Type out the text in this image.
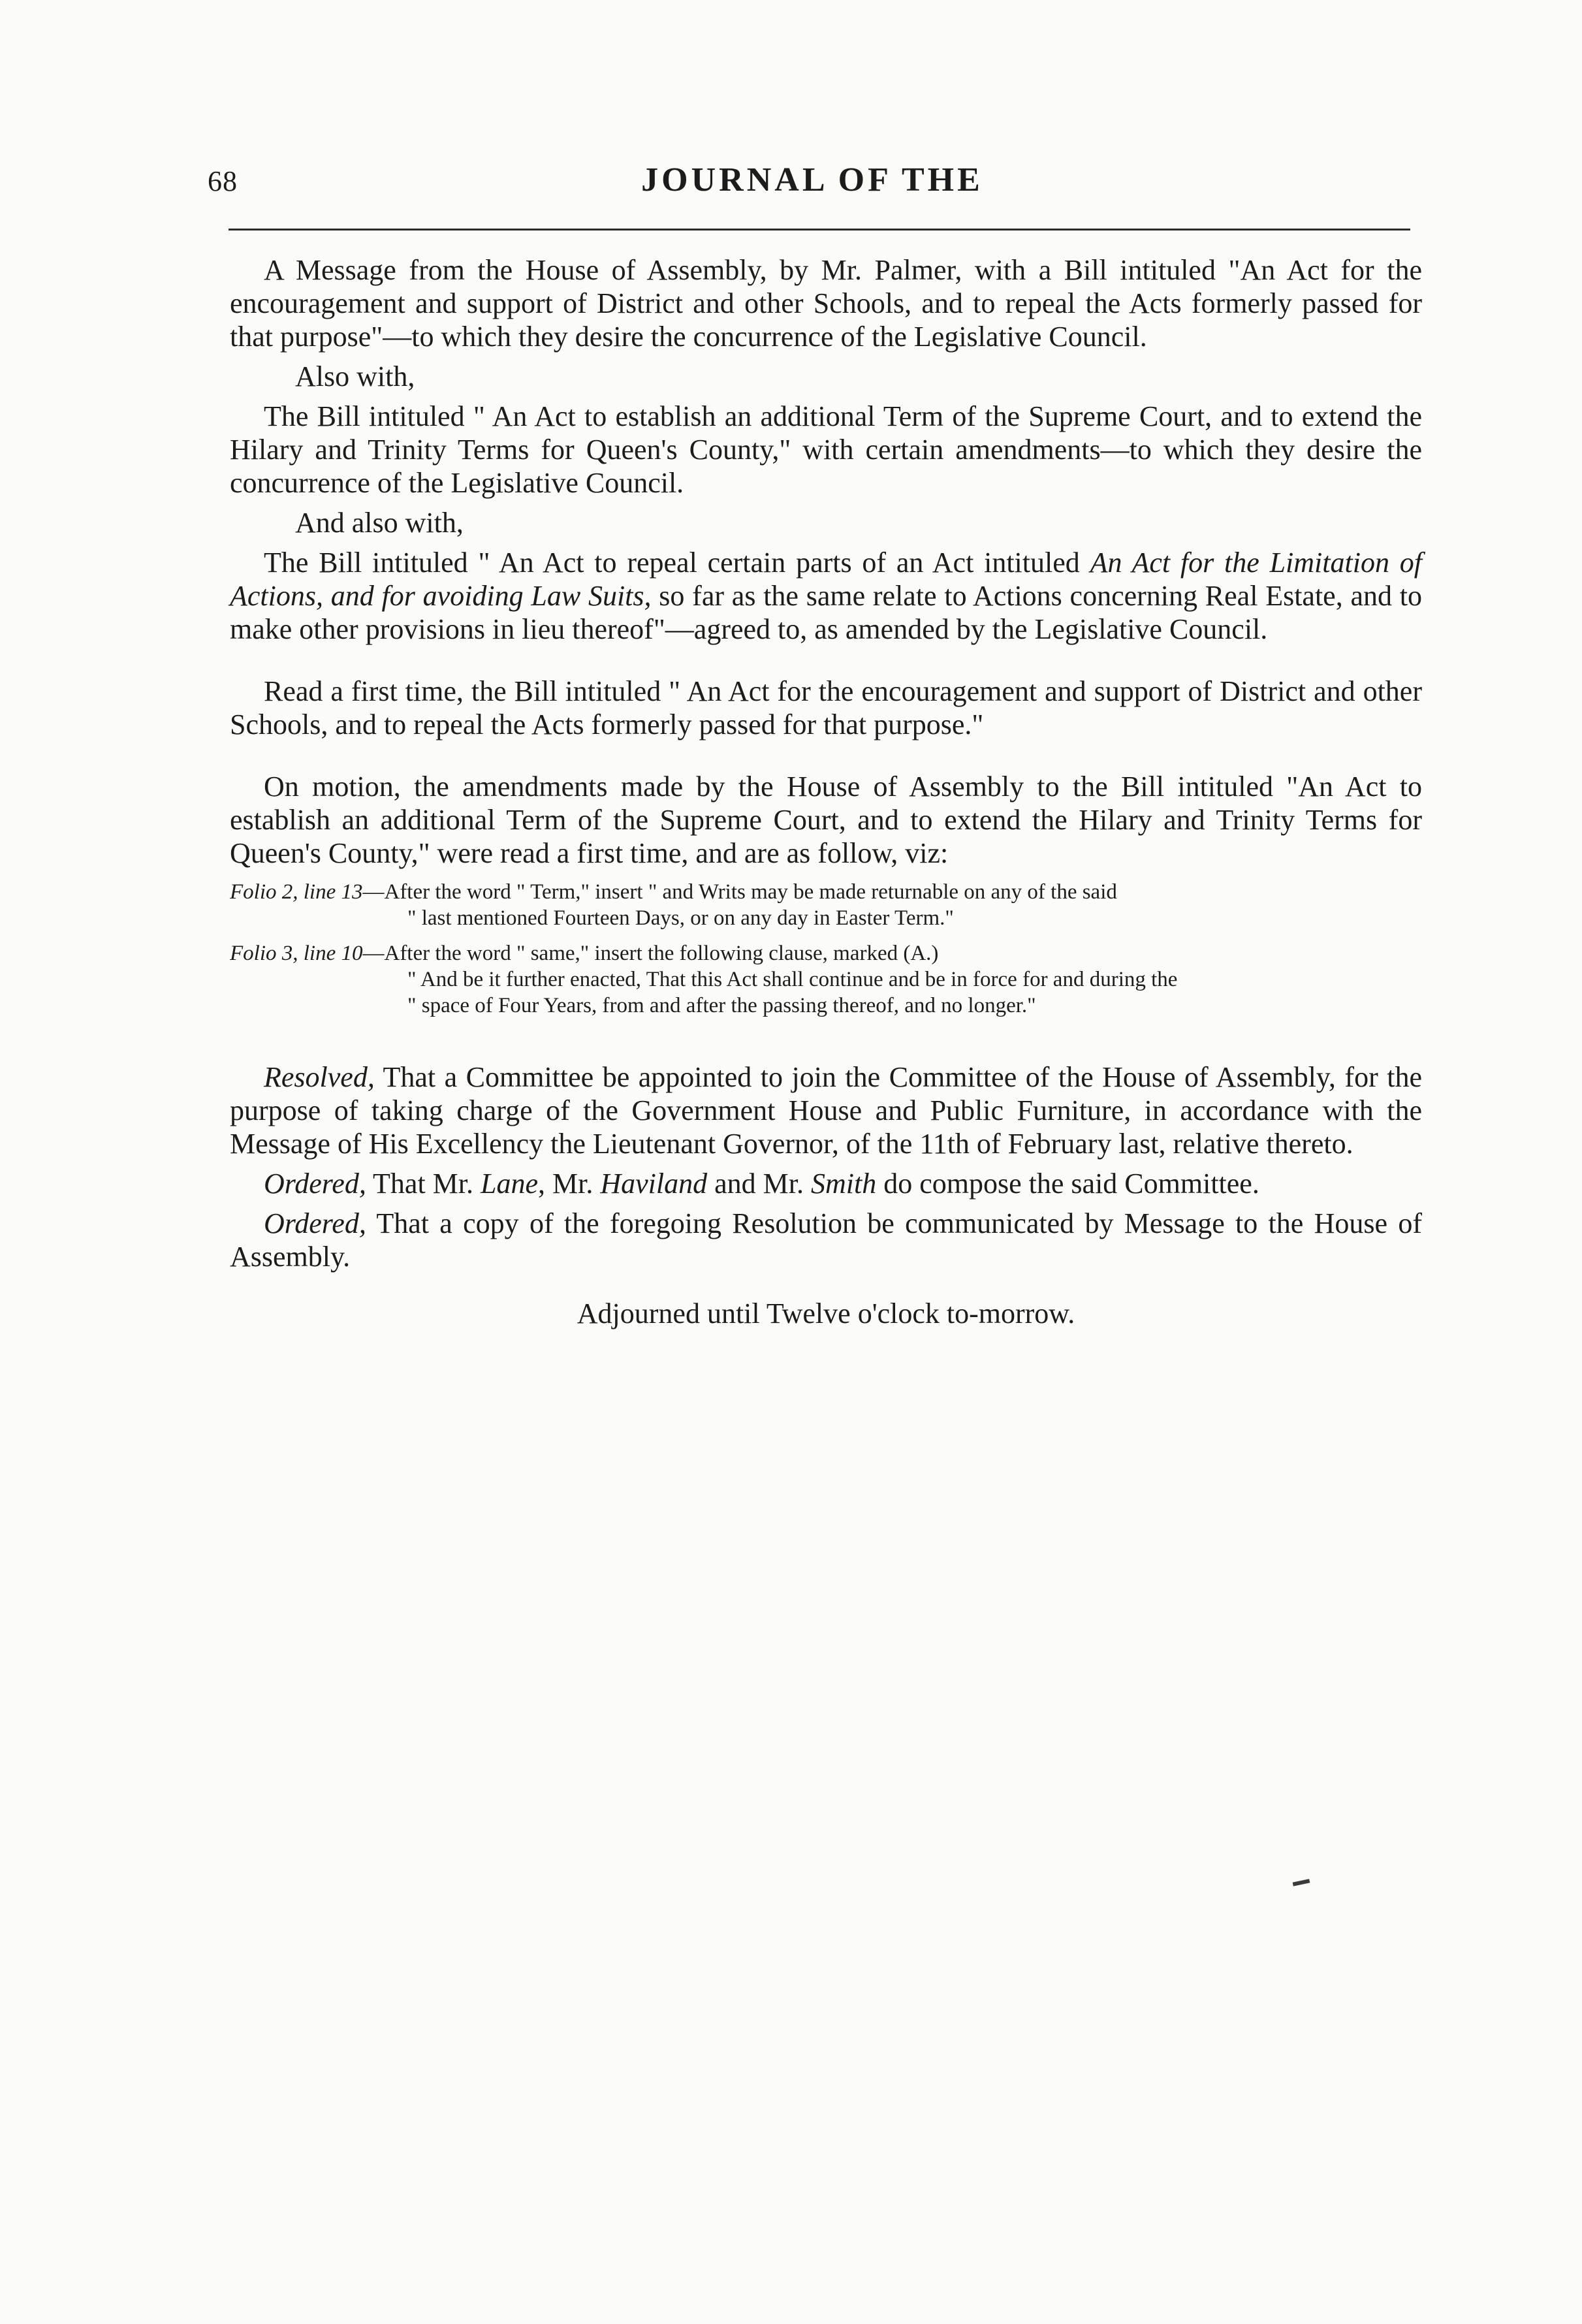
68	JOURNAL OF THE

A Message from the House of Assembly, by Mr. Palmer, with a Bill intituled "An Act for the encouragement and support of District and other Schools, and to repeal the Acts formerly passed for that purpose"—to which they desire the concurrence of the Legislative Council.

Also with,

The Bill intituled " An Act to establish an additional Term of the Supreme Court, and to extend the Hilary and Trinity Terms for Queen's County," with certain amendments—to which they desire the concurrence of the Legislative Council.

And also with,

The Bill intituled " An Act to repeal certain parts of an Act intituled An Act for the Limitation of Actions, and for avoiding Law Suits, so far as the same relate to Actions concerning Real Estate, and to make other provisions in lieu thereof"—agreed to, as amended by the Legislative Council.

Read a first time, the Bill intituled " An Act for the encouragement and support of District and other Schools, and to repeal the Acts formerly passed for that purpose."

On motion, the amendments made by the House of Assembly to the Bill intituled "An Act to establish an additional Term of the Supreme Court, and to extend the Hilary and Trinity Terms for Queen's County," were read a first time, and are as follow, viz:

Folio 2, line 13—After the word " Term," insert " and Writs may be made returnable on any of the said
" last mentioned Fourteen Days, or on any day in Easter Term."
Folio 3, line 10—After the word " same," insert the following clause, marked (A.)
" And be it further enacted, That this Act shall continue and be in force for and during the
" space of Four Years, from and after the passing thereof, and no longer."

Resolved, That a Committee be appointed to join the Committee of the House of Assembly, for the purpose of taking charge of the Government House and Public Furniture, in accordance with the Message of His Excellency the Lieutenant Governor, of the 11th of February last, relative thereto.

Ordered, That Mr. Lane, Mr. Haviland and Mr. Smith do compose the said Committee.

Ordered, That a copy of the foregoing Resolution be communicated by Message to the House of Assembly.

Adjourned until Twelve o'clock to-morrow.
